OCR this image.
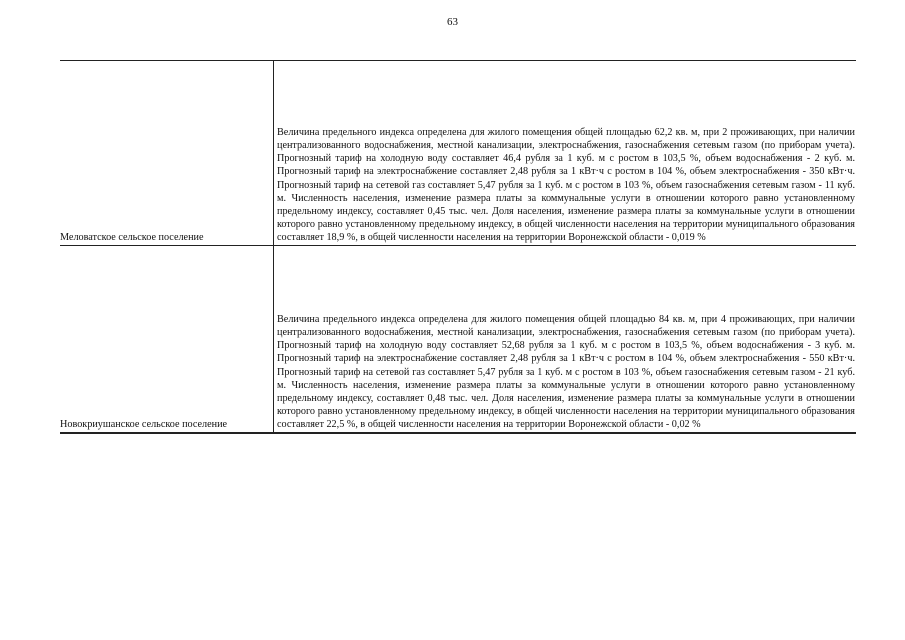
63
Меловатское сельское поселение
Величина предельного индекса определена для жилого помещения общей площадью 62,2 кв. м, при 2 проживающих, при наличии централизованного водоснабжения, местной канализации, электроснабжения, газоснабжения сетевым газом (по приборам учета). Прогнозный тариф на холодную воду составляет 46,4 рубля за 1 куб. м с ростом в 103,5 %, объем водоснабжения - 2 куб. м. Прогнозный тариф на электроснабжение составляет 2,48 рубля за 1 кВт·ч с ростом в 104 %, объем электроснабжения - 350 кВт·ч. Прогнозный тариф на сетевой газ составляет 5,47 рубля за 1 куб. м с ростом в 103 %, объем газоснабжения сетевым газом - 11 куб. м. Численность населения, изменение размера платы за коммунальные услуги в отношении которого равно установленному предельному индексу, составляет 0,45 тыс. чел. Доля населения, изменение размера платы за коммунальные услуги в отношении которого равно установленному предельному индексу, в общей численности населения на территории муниципального образования составляет 18,9 %, в общей численности населения на территории Воронежской области - 0,019 %
Новокриушанское сельское поселение
Величина предельного индекса определена для жилого помещения общей площадью 84 кв. м, при 4 проживающих, при наличии централизованного водоснабжения, местной канализации, электроснабжения, газоснабжения сетевым газом (по приборам учета). Прогнозный тариф на холодную воду составляет 52,68 рубля за 1 куб. м с ростом в 103,5 %, объем водоснабжения - 3 куб. м. Прогнозный тариф на электроснабжение составляет 2,48 рубля за 1 кВт·ч с ростом в 104 %, объем электроснабжения - 550 кВт·ч. Прогнозный тариф на сетевой газ составляет 5,47 рубля за 1 куб. м с ростом в 103 %, объем газоснабжения сетевым газом - 21 куб. м. Численность населения, изменение размера платы за коммунальные услуги в отношении которого равно установленному предельному индексу, составляет 0,48 тыс. чел. Доля населения, изменение размера платы за коммунальные услуги в отношении которого равно установленному предельному индексу, в общей численности населения на территории муниципального образования составляет 22,5 %, в общей численности населения на территории Воронежской области - 0,02 %
